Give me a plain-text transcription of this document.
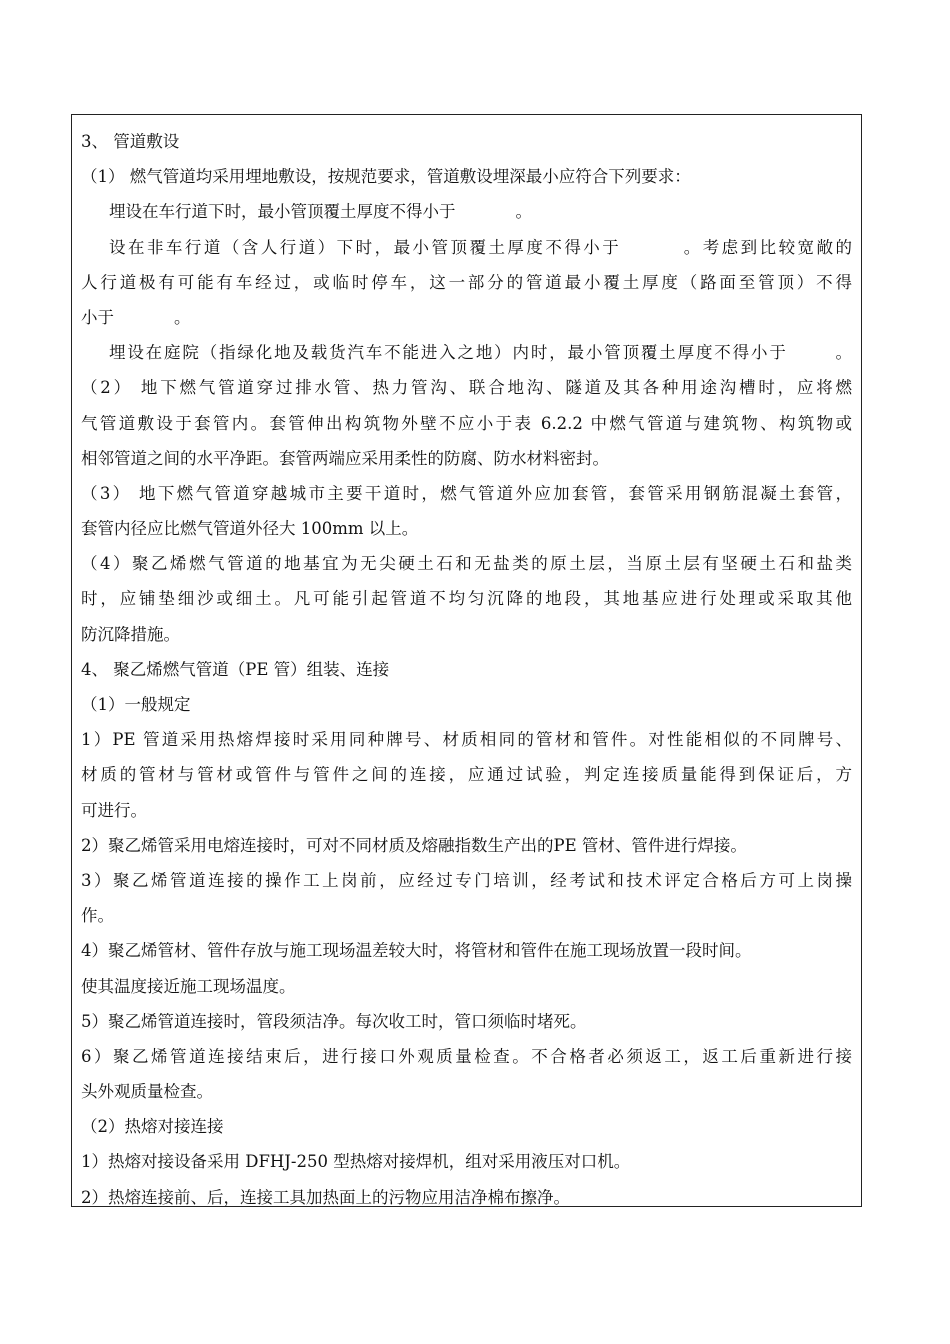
3、 管道敷设
（1） 燃气管道均采用埋地敷设，按规范要求，管道敷设埋深最小应符合下列要求：
埋设在车行道下时，最小管顶覆土厚度不得小于	。
设在非车行道（含人行道）下时，最小管顶覆土厚度不得小于	。考虑到比较宽敞的
人行道极有可能有车经过，或临时停车，这一部分的管道最小覆土厚度（路面至管顶）不得
小于	。
埋设在庭院（指绿化地及载货汽车不能进入之地）内时，最小管顶覆土厚度不得小于	。
（2） 地下燃气管道穿过排水管、热力管沟、联合地沟、隧道及其各种用途沟槽时，应将燃
气管道敷设于套管内。套管伸出构筑物外壁不应小于表 6.2.2 中燃气管道与建筑物、构筑物或
相邻管道之间的水平净距。套管两端应采用柔性的防腐、防水材料密封。
（3） 地下燃气管道穿越城市主要干道时，燃气管道外应加套管，套管采用钢筋混凝土套管，
套管内径应比燃气管道外径大 100mm 以上。
（4）聚乙烯燃气管道的地基宜为无尖硬土石和无盐类的原土层，当原土层有坚硬土石和盐类
时，应铺垫细沙或细土。凡可能引起管道不均匀沉降的地段，其地基应进行处理或采取其他
防沉降措施。
4、 聚乙烯燃气管道（PE 管）组装、连接
（1）一般规定
1）PE 管道采用热熔焊接时采用同种牌号、材质相同的管材和管件。对性能相似的不同牌号、
材质的管材与管材或管件与管件之间的连接，应通过试验，判定连接质量能得到保证后，方
可进行。
2）聚乙烯管采用电熔连接时，可对不同材质及熔融指数生产出的PE 管材、管件进行焊接。
3）聚乙烯管道连接的操作工上岗前，应经过专门培训，经考试和技术评定合格后方可上岗操
作。
4）聚乙烯管材、管件存放与施工现场温差较大时，将管材和管件在施工现场放置一段时间。
使其温度接近施工现场温度。
5）聚乙烯管道连接时，管段须洁净。每次收工时，管口须临时堵死。
6）聚乙烯管道连接结束后，进行接口外观质量检查。不合格者必须返工，返工后重新进行接
头外观质量检查。
（2）热熔对接连接
1）热熔对接设备采用 DFHJ-250 型热熔对接焊机，组对采用液压对口机。
2）热熔连接前、后，连接工具加热面上的污物应用洁净棉布擦净。
